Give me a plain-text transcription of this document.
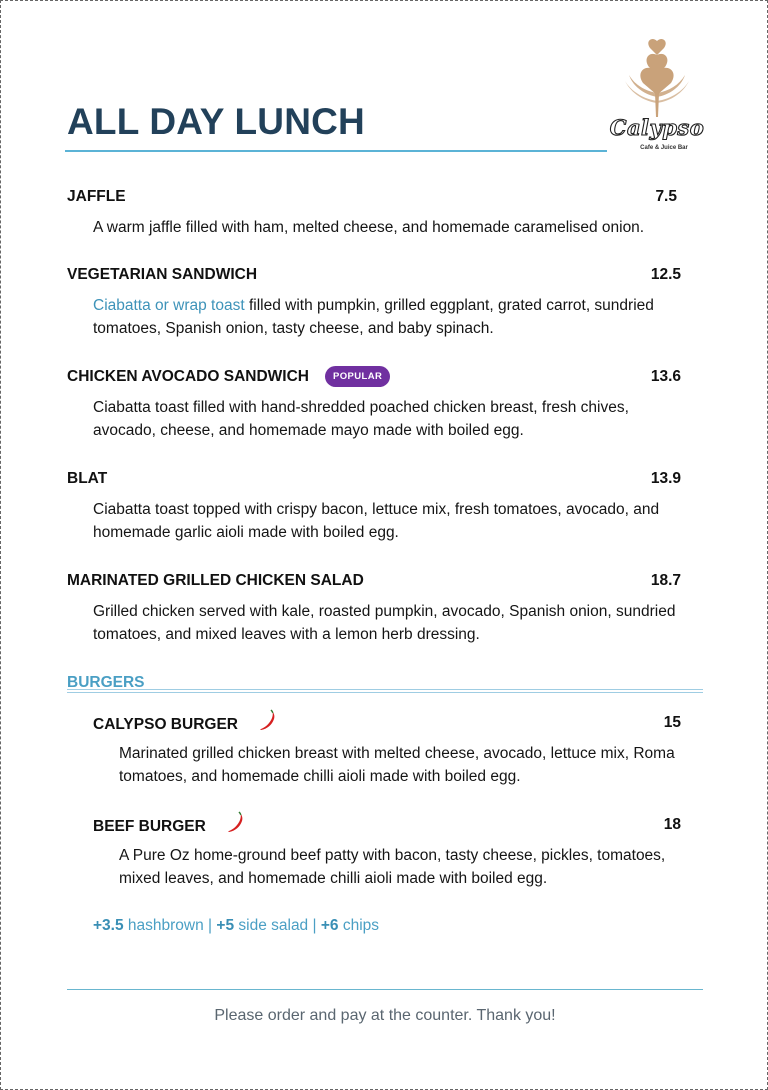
ALL DAY LUNCH	Calypso
Cafe & Juice Bar
JAFFLE	7.5
A warm jaffle filled with ham, melted cheese, and homemade caramelised onion.
VEGETARIAN SANDWICH	12.5
Ciabatta or wrap toast filled with pumpkin, grilled eggplant, grated carrot, sundried tomatoes, Spanish onion, tasty cheese, and baby spinach.
CHICKEN AVOCADO SANDWICH	POPULAR	13.6
Ciabatta toast filled with hand-shredded poached chicken breast, fresh chives, avocado, cheese, and homemade mayo made with boiled egg.
BLAT	13.9
Ciabatta toast topped with crispy bacon, lettuce mix, fresh tomatoes, avocado, and homemade garlic aioli made with boiled egg.
MARINATED GRILLED CHICKEN SALAD	18.7
Grilled chicken served with kale, roasted pumpkin, avocado, Spanish onion, sundried tomatoes, and mixed leaves with a lemon herb dressing.
BURGERS
CALYPSO BURGER	15
Marinated grilled chicken breast with melted cheese, avocado, lettuce mix, Roma tomatoes, and homemade chilli aioli made with boiled egg.
BEEF BURGER	18
A Pure Oz home-ground beef patty with bacon, tasty cheese, pickles, tomatoes, mixed leaves, and homemade chilli aioli made with boiled egg.
+3.5 hashbrown | +5 side salad | +6 chips
Please order and pay at the counter. Thank you!
